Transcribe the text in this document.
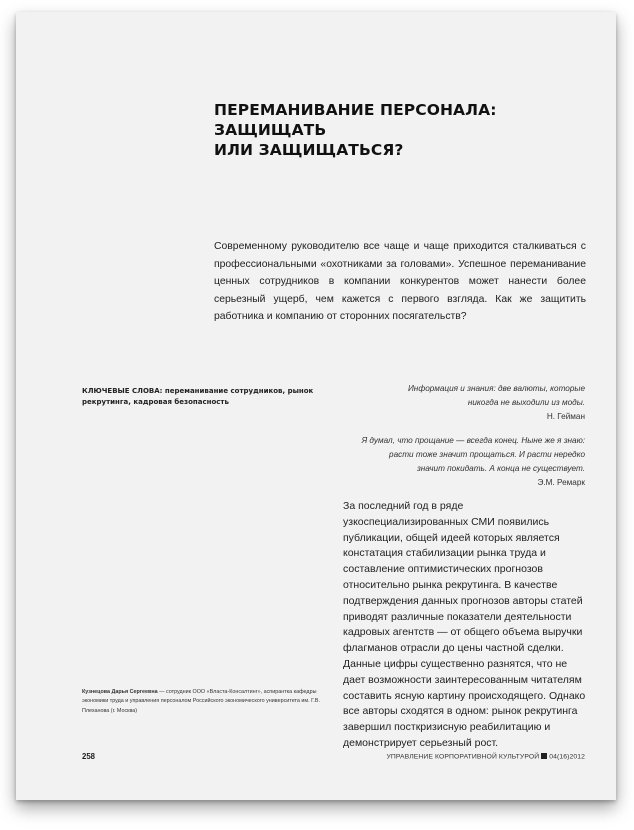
ПЕРЕМАНИВАНИЕ ПЕРСОНАЛА: ЗАЩИЩАТЬ
ИЛИ ЗАЩИЩАТЬСЯ?

Современному руководителю все чаще и чаще приходится сталкиваться с профессиональными «охотниками за головами». Успешное переманивание ценных сотрудников в компании конкурентов может нанести более серьезный ущерб, чем кажется с первого взгляда. Как же защитить работника и компанию от сторонних посягательств?

КЛЮЧЕВЫЕ СЛОВА: переманивание сотрудников, рынок рекрутинга, кадровая безопасность

Информация и знания: две валюты, которые
никогда не выходили из моды.
Н. Гейман
Я думал, что прощание — всегда конец. Ныне же я знаю:
расти тоже значит прощаться. И расти нередко
значит покидать. А конца не существует.
Э.М. Ремарк

За последний год в ряде узкоспециализированных СМИ появились публикации, общей идеей которых является констатация стабилизации рынка труда и составление оптимистических прогнозов относительно рынка рекрутинга. В качестве подтверждения данных прогнозов авторы статей приводят различные показатели деятельности кадровых агентств — от общего объема выручки флагманов отрасли до цены частной сделки. Данные цифры существенно разнятся, что не дает возможности заинтересованным читателям составить ясную картину происходящего. Однако все авторы сходятся в одном: рынок рекрутинга завершил посткризисную реабилитацию и демонстрирует серьезный рост.

Кузнецова Дарья Сергеевна — сотрудник ООО «Власта-Консалтинг», аспирантка кафедры экономики труда и управления персоналом Российского экономического университета им. Г.В. Плеханова (г. Москва)

258	УПРАВЛЕНИЕ КОРПОРАТИВНОЙ КУЛЬТУРОЙ 04(16)2012
